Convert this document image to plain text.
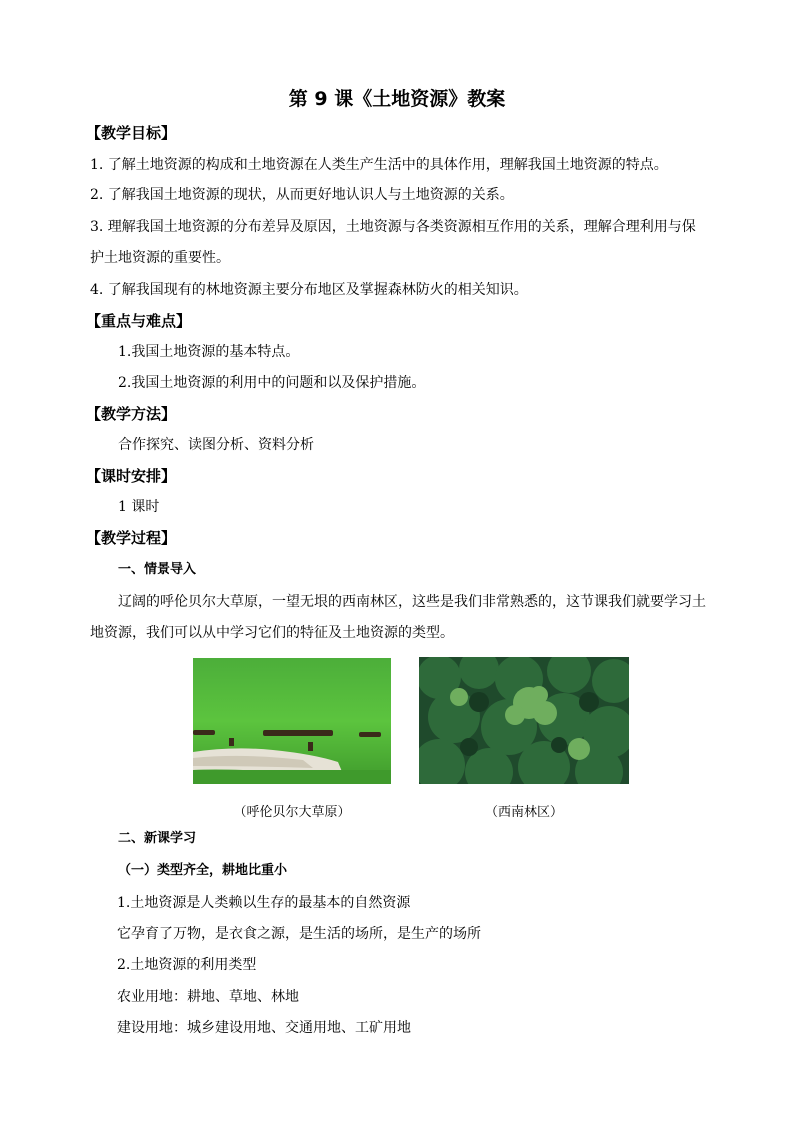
第 9 课《土地资源》教案
【教学目标】
1. 了解土地资源的构成和土地资源在人类生产生活中的具体作用，理解我国土地资源的特点。
2. 了解我国土地资源的现状，从而更好地认识人与土地资源的关系。
3. 理解我国土地资源的分布差异及原因，土地资源与各类资源相互作用的关系，理解合理利用与保
护土地资源的重要性。
4. 了解我国现有的林地资源主要分布地区及掌握森林防火的相关知识。
【重点与难点】
1.我国土地资源的基本特点。
2.我国土地资源的利用中的问题和以及保护措施。
【教学方法】
合作探究、读图分析、资料分析
【课时安排】
1 课时
【教学过程】
一、情景导入
辽阔的呼伦贝尔大草原，一望无垠的西南林区，这些是我们非常熟悉的，这节课我们就要学习土
地资源，我们可以从中学习它们的特征及土地资源的类型。
（呼伦贝尔大草原）	（西南林区）
二、新课学习
（一）类型齐全，耕地比重小
1.土地资源是人类赖以生存的最基本的自然资源
它孕育了万物，是衣食之源，是生活的场所，是生产的场所
2.土地资源的利用类型
农业用地：耕地、草地、林地
建设用地：城乡建设用地、交通用地、工矿用地
